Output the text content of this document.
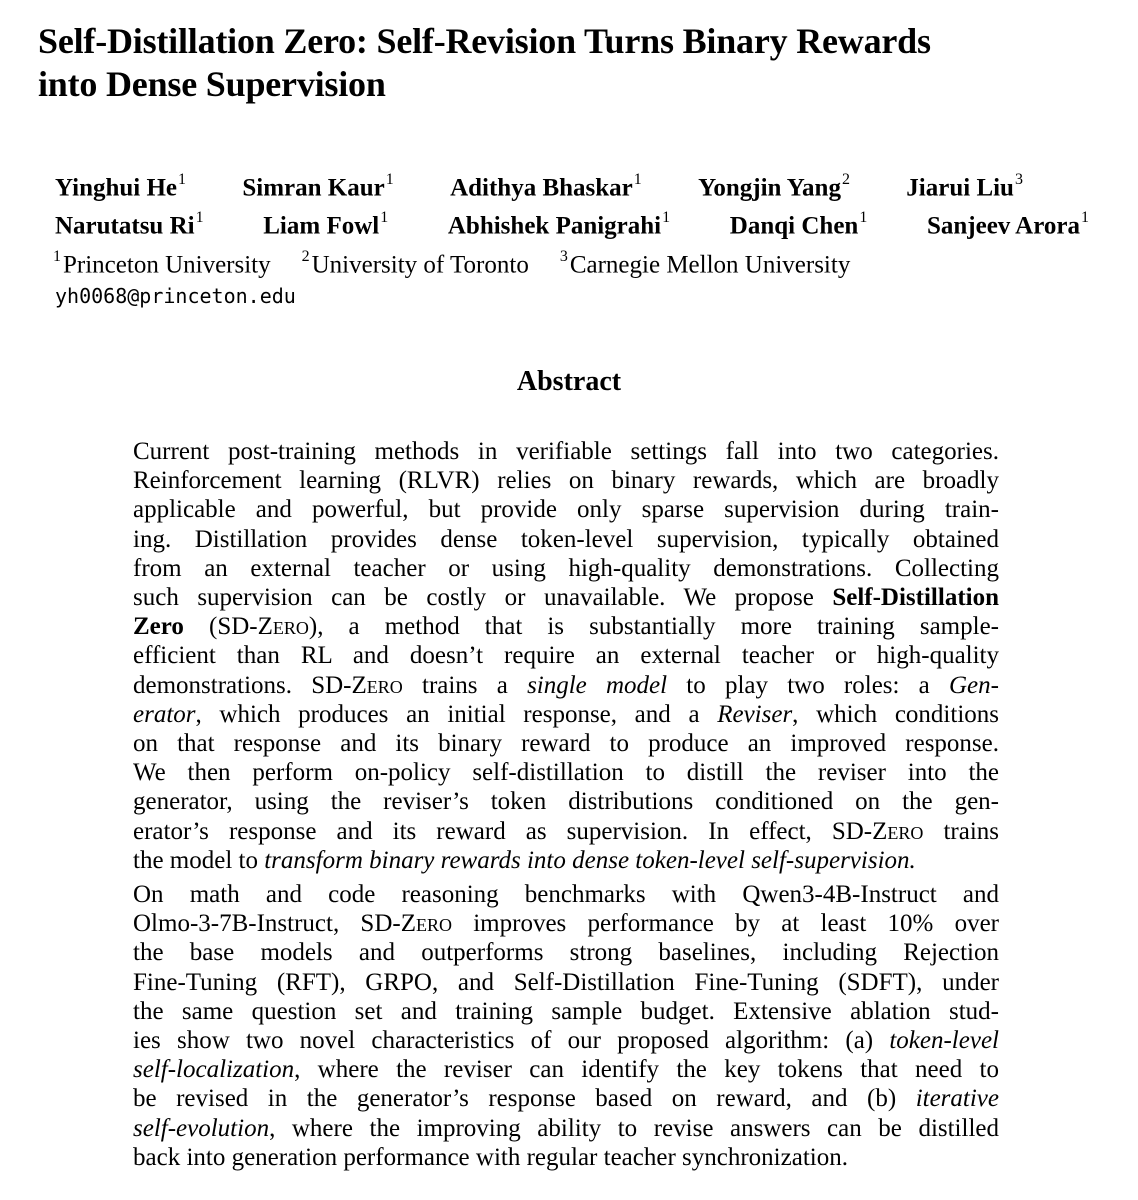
Self-Distillation Zero: Self-Revision Turns Binary Rewards
into Dense Supervision
Yinghui He$^1$ Simran Kaur$^1$ Adithya Bhaskar$^1$ Yongjin Yang$^2$ Jiarui Liu$^3$
Narutatsu Ri$^1$ Liam Fowl$^1$ Abhishek Panigrahi$^1$ Danqi Chen$^1$ Sanjeev Arora$^1$
$^1$Princeton University $^2$University of Toronto $^3$Carnegie Mellon University
yh0068@princeton.edu
Abstract

Current post-training methods in verifiable settings fall into two categories.
Reinforcement learning (RLVR) relies on binary rewards, which are broadly
applicable and powerful, but provide only sparse supervision during train-
ing. Distillation provides dense token-level supervision, typically obtained
from an external teacher or using high-quality demonstrations. Collecting
such supervision can be costly or unavailable. We propose Self-Distillation
Zero (SD-Zero), a method that is substantially more training sample-
efficient than RL and doesn’t require an external teacher or high-quality
demonstrations. SD-Zero trains a single model to play two roles: a Gen-
erator, which produces an initial response, and a Reviser, which conditions
on that response and its binary reward to produce an improved response.
We then perform on-policy self-distillation to distill the reviser into the
generator, using the reviser’s token distributions conditioned on the gen-
erator’s response and its reward as supervision. In effect, SD-Zero trains
the model to transform binary rewards into dense token-level self-supervision.

On math and code reasoning benchmarks with Qwen3-4B-Instruct and
Olmo-3-7B-Instruct, SD-Zero improves performance by at least 10% over
the base models and outperforms strong baselines, including Rejection
Fine-Tuning (RFT), GRPO, and Self-Distillation Fine-Tuning (SDFT), under
the same question set and training sample budget. Extensive ablation stud-
ies show two novel characteristics of our proposed algorithm: (a) token-level
self-localization, where the reviser can identify the key tokens that need to
be revised in the generator’s response based on reward, and (b) iterative
self-evolution, where the improving ability to revise answers can be distilled
back into generation performance with regular teacher synchronization.
